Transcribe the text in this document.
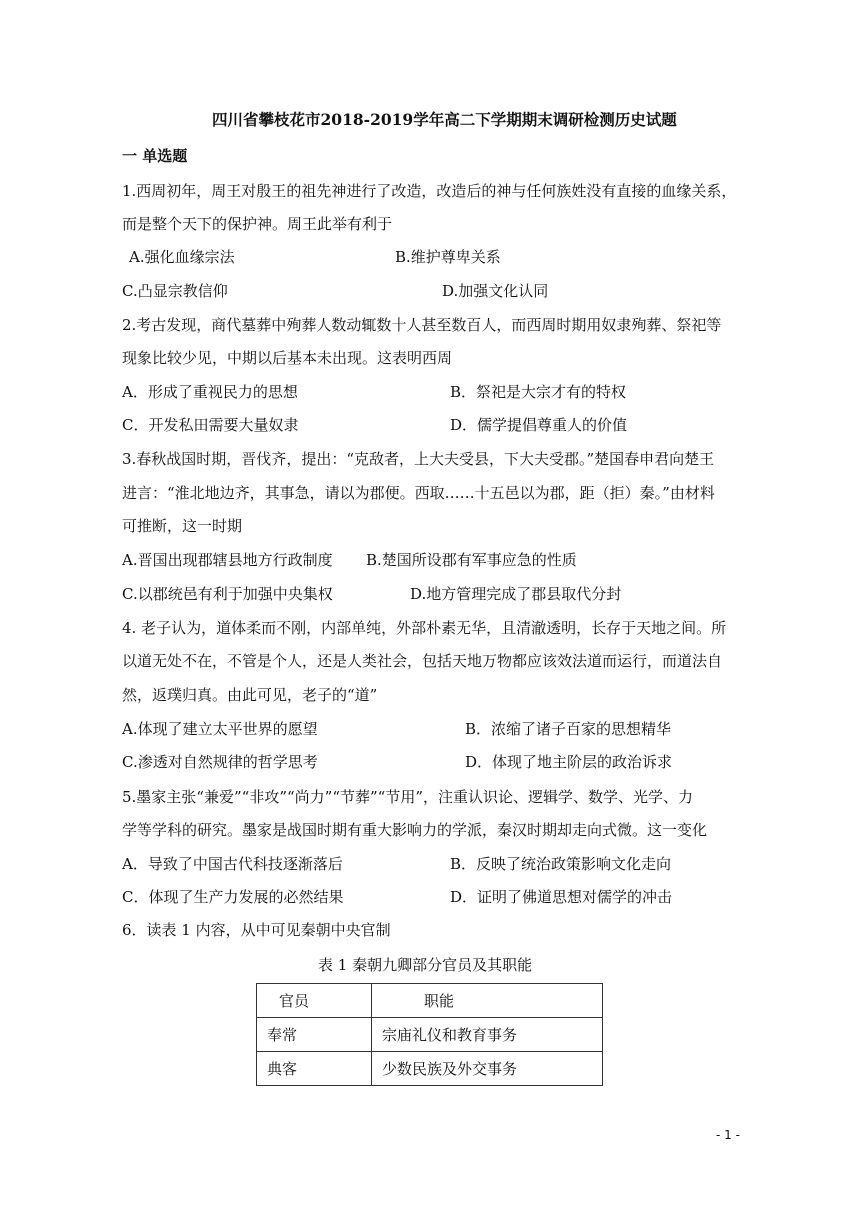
四川省攀枝花市2018-2019学年高二下学期期末调研检测历史试题
一 单选题
1.西周初年，周王对殷王的祖先神进行了改造，改造后的神与任何族姓没有直接的血缘关系，
而是整个天下的保护神。周王此举有利于
A.强化血缘宗法	B.维护尊卑关系
C.凸显宗教信仰	D.加强文化认同
2.考古发现，商代墓葬中殉葬人数动辄数十人甚至数百人，而西周时期用奴隶殉葬、祭祀等
现象比较少见，中期以后基本未出现。这表明西周
A．形成了重视民力的思想	B．祭祀是大宗才有的特权
C．开发私田需要大量奴隶	D．儒学提倡尊重人的价值
3.春秋战国时期，晋伐齐，提出：“克敌者，上大夫受县，下大夫受郡。”楚国春申君向楚王
进言：“淮北地边齐，其事急，请以为郡便。西取……十五邑以为郡，距（拒）秦。”由材料
可推断，这一时期
A.晋国出现郡辖县地方行政制度 B.楚国所设郡有军事应急的性质
C.以郡统邑有利于加强中央集权	D.地方管理完成了郡县取代分封
4. 老子认为，道体柔而不刚，内部单纯，外部朴素无华，且清澈透明，长存于天地之间。所
以道无处不在，不管是个人，还是人类社会，包括天地万物都应该效法道而运行，而道法自
然，返璞归真。由此可见，老子的“道”
A.体现了建立太平世界的愿望	B．浓缩了诸子百家的思想精华
C.渗透对自然规律的哲学思考	D．体现了地主阶层的政治诉求
5.墨家主张“兼爱”“非攻”“尚力”“节葬”“节用”，注重认识论、逻辑学、数学、光学、力
学等学科的研究。墨家是战国时期有重大影响力的学派，秦汉时期却走向式微。这一变化
A．导致了中国古代科技逐渐落后	B．反映了统治政策影响文化走向
C．体现了生产力发展的必然结果	D．证明了佛道思想对儒学的冲击
6．读表 1 内容，从中可见秦朝中央官制
表 1 秦朝九卿部分官员及其职能
官员	职能
奉常	宗庙礼仪和教育事务
典客	少数民族及外交事务
- 1 -
